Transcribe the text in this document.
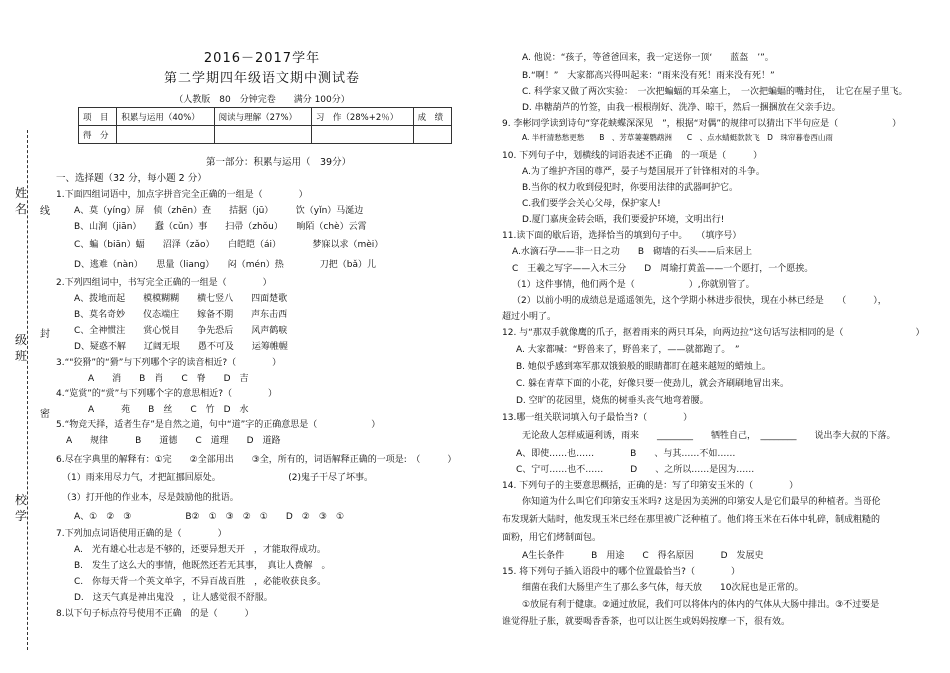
姓名
级班
校学
线
封
密
2016－2017学年
第二学期四年级语文期中测试卷
（人教版　80　分钟完卷　　满分 100分）
项　目	积累与运用（40%）	阅读与理解（27%）	习　作（28%+2％）	成　绩
得　分				
第一部分：积累与运用（　39分）
一、选择题（32 分，每小题 2 分）
1.下面四组词语中，加点字拼音完全正确的一组是（　　　　）
A、莫（yíng）屏　侦（zhēn）查　　拮据（jū）　　　饮（yǐn）马涎边
B、山涧（jiān）　　蠢（cǔn）事　　扫帚（zhǒu）　　晌陌（chè）云霄
C、蝙（biān）蝠　　沼泽（zǎo）　　白皑皑（ái）　　　　梦寐以求（mèi）
D、逃难（nàn）　　思量（liang）　　闷（mén）热　　　　刀把（bǎ）儿
2.下列四组词中，书写完全正确的一组是（　　　　）
A、拨地而起　　模模糊糊　　横七竖八　　四面楚歌
B、莫名奇妙　　仪态端庄　　嫁备不期　　声东击西
C、全神惯注　　赏心悦目　　争先恐后　　风声鹤唳
D、疑惑不解　　辽阔无垠　　愚不可及　　运筹帷幄
3.“"狡猾”的“猾”与下列哪个字的读音相近?（　　　　）
A　　消　　B　肖　　C　脊　　D　吉
4.“览赏”的“赏”与下列哪个字的意思相近?（　　　　）
A　　　苑　　B　丝　　C　竹　D　水
5.“物竞天择，适者生存”是自然之道，句中“道”字的正确意思是（　　　　　　）
A　　规律　　　B　　道德　　C　道理　　D　道路
6.尽在字典里的解释有：①完　　②全部用出　　③全，所有的，词语解释正确的一项是:　（　　　）
（1）雨来用尽力气，才把缸挪回原处。　　　　　　　　(2)鬼子干尽了坏事。
（3）打开他的作业本，尽是鼓励他的批语。
A、①　②　③　　　　　　B②　①　③　②　①　　D　②　③　①
7.下列加点词语使用正确的是（　　　　）
A.　光有雄心壮志是不够的，还要异想天开　，才能取得成功。
B.　发生了这么大的事情，他既然还若无其事，　真让人费解　。
C.　你每天背一个英文单字，不异百战百胜　，必能收获良多。
D.　这天气真是神出鬼没　，让人感觉很不舒服。
8.以下句子标点符号使用不正确　的是（　　　）
A. 他说：“孩子，等爸爸回来，我一定送你一顶‘　　蓝盔　’”。
B.“啊！”　大家都高兴得叫起来：“雨来没有死！雨来没有死！”
C. 科学家又做了两次实验：　一次把蝙蝠的耳朵塞上，　一次把蝙蝠的嘴封住，　让它在屋子里飞。
D. 串糖葫芦的竹签，由我一根根削好、洗净、晾干，然后一捆捆放在父亲手边。
9. 李彬同学读到诗句“穿花蛱蝶深深见　”，根据“对偶”的规律可以猜出下半句应是（　　　　　　）
A. 半杆清愁愁更愁　　B　、芳草萋萋鹦鹉洲　　C　、点水蜻蜓款款飞　D　珠帘暮卷西山雨
10. 下列句子中，划横线的词语表述不正确　的一项是（　　　）
A.为了维护齐国的尊严，晏子与楚国展开了针锋相对的斗争。
B.当你的权力收到侵犯时，你要用法律的武器呵护它。
C.我们要学会关心父母，保护家人!
D.厦门嘉庚金砖会晤，我们要爱护环境，文明出行!
11.读下面的歇后语，选择恰当的填到句子中。　　（填序号）
A.水滴石孕——非一日之功　　B　砌墙的石头——后来居上
C　王羲之写字——入木三分　　D　周瑜打黄盖——一个愿打，一个愿挨。
（1）这件事情，他们两个是（　　　　　　）,你就别管了。
（2）以前小明的成绩总是遥遥领先，这个学期小林进步很快，现在小林已经是　　（　　　），
超过小明了。
12. 与“那双手就像鹰的爪子，抠着雨来的两只耳朵，向两边拉”这句话写法相同的是（　　　　　　　　）
A. 大家都喊：“野兽来了，野兽来了，——就都跑了。　”
B. 她似乎感到寒军那双饿狼般的眼睛都盯在越来越短的蜡烛上。
C. 躲在青草下面的小花，好像只要一使劲儿，就会齐刷刷地冒出来。
D. 空旷的花园里，烧焦的树垂头丧气地弯着腰。
13.哪一组关联词填入句子最恰当?（　　　　）
无论敌人怎样威逼利诱，雨来　　________　　牺牲自己，　________　　说出李大叔的下落。
A、即使……也……　　　　B　　、与其……不如……
C、宁可……也不……　　　D　　、之所以……是因为……
14. 下列句子的主要意思概括，正确的是：写了印第安玉米的（　　　　）
你知道为什么叫它们印第安玉米吗? 这是因为美洲的印第安人是它们最早的种植者。当哥伦
布发现新大陆时，他发现玉米已经在那里被广泛种植了。他们将玉米在石体中轧碎，制成粗糙的
面粉，用它们烤制面包。
A生长条件　　　B　用途　　C　得名原因　　　D　发展史
15. 将下列句子插入语段中的哪个位置最恰当?（　　　　）
细菌在我们大肠里产生了那么多气体，每天放　　10次屁也是正常的。
①放屁有利于健康。②通过放屁，我们可以将体内的体内的气体从大肠中排出。③不过要是
谁觉得肚子胀，就要喝香香茶，也可以让医生或妈妈按摩一下，很有效。
